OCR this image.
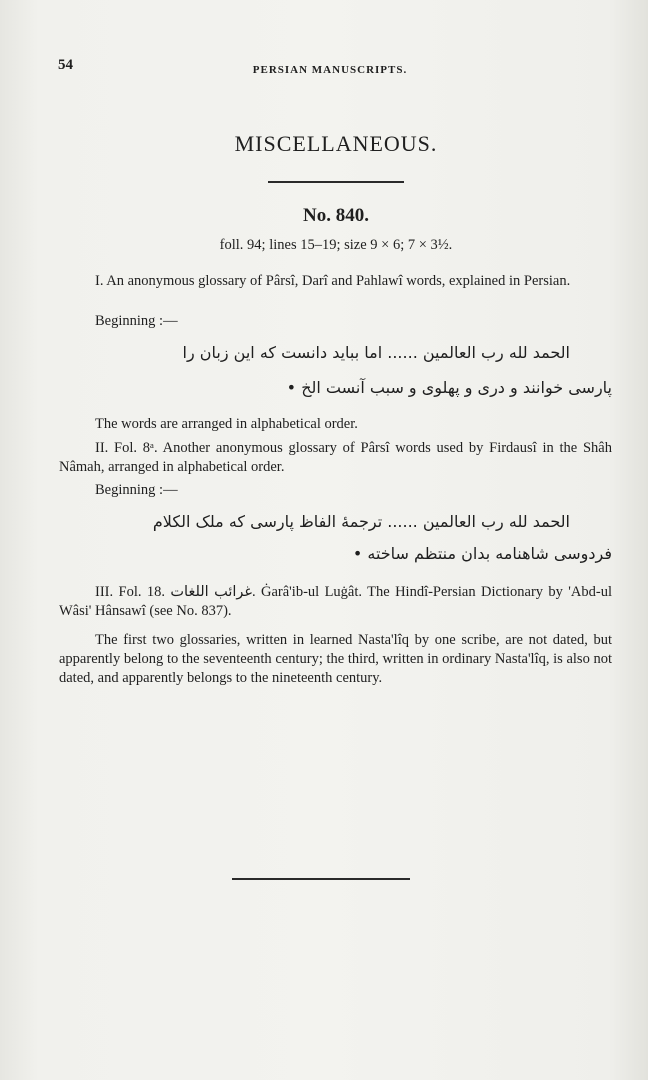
54	PERSIAN MANUSCRIPTS.
MISCELLANEOUS.
No. 840.
foll. 94; lines 15–19; size 9 × 6; 7 × 3½.
I. An anonymous glossary of Pârsî, Darî and Pahlawî words, explained in Persian.
Beginning :—
الحمد لله رب العالمين ...... اما بباید دانست که این زبان را
پارسی خوانند و دری و پهلوی و سبب آنست الخ •
The words are arranged in alphabetical order.
II. Fol. 8ᵃ. Another anonymous glossary of Pârsî words used by Firdausî in the Shâh Nâmah, arranged in alphabetical order.
Beginning :—
الحمد لله رب العالمين ...... ترجمهٔ الفاظ پارسی که ملک الکلام
فردوسی شاهنامه بدان منتظم ساخته •
III. Fol. 18. غرائب اللغات. Ġarâ'ib-ul Luġât. The Hindî-Persian Dictionary by 'Abd-ul Wâsi' Hânsawî (see No. 837).
The first two glossaries, written in learned Nasta'lîq by one scribe, are not dated, but apparently belong to the seventeenth century; the third, written in ordinary Nasta'lîq, is also not dated, and apparently belongs to the nineteenth century.
